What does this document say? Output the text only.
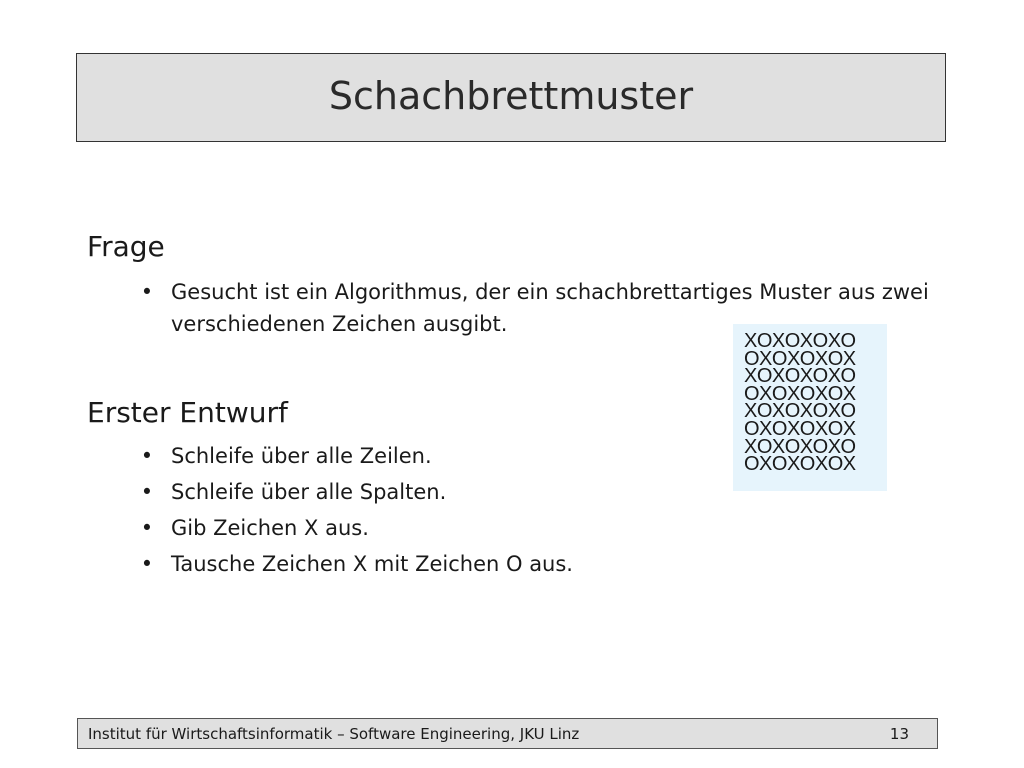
Schachbrettmuster
Frage
• Gesucht ist ein Algorithmus, der ein schachbrettartiges Muster aus zwei verschiedenen Zeichen ausgibt.
Erster Entwurf
• Schleife über alle Zeilen.
• Schleife über alle Spalten.
• Gib Zeichen X aus.
• Tausche Zeichen X mit Zeichen O aus.
XOXOXOXO
OXOXOXOX
XOXOXOXO
OXOXOXOX
XOXOXOXO
OXOXOXOX
XOXOXOXO
OXOXOXOX
Institut für Wirtschaftsinformatik – Software Engineering, JKU Linz	13
